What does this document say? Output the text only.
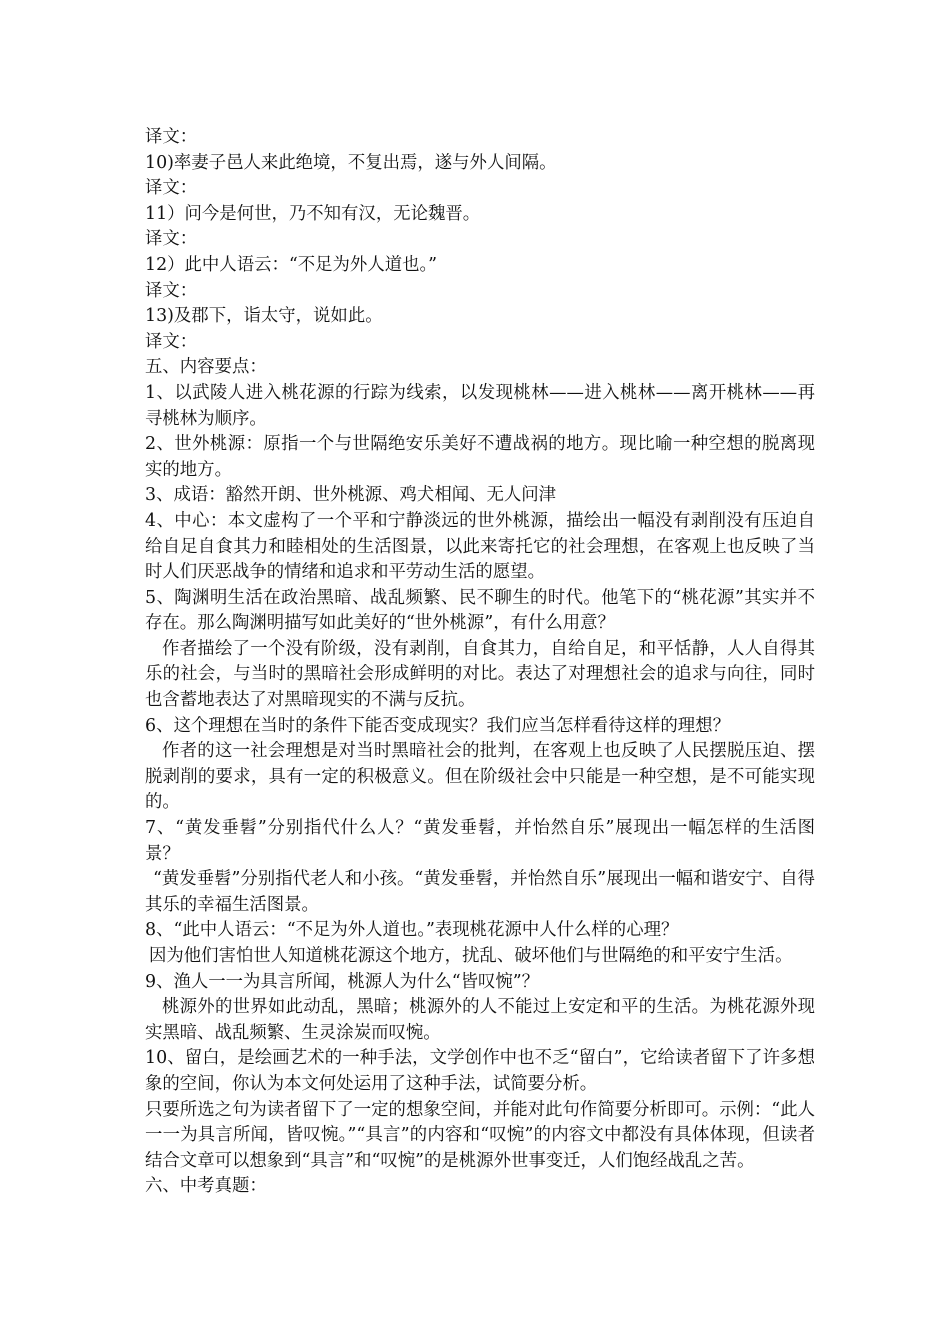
译文：

10)率妻子邑人来此绝境，不复出焉，遂与外人间隔。

译文：

11）问今是何世，乃不知有汉，无论魏晋。

译文：

12）此中人语云：“不足为外人道也。”

译文：

13)及郡下，诣太守，说如此。

译文：

五、内容要点：

1、以武陵人进入桃花源的行踪为线索，以发现桃林——进入桃林——离开桃林——再寻桃林为顺序。

2、世外桃源：原指一个与世隔绝安乐美好不遭战祸的地方。现比喻一种空想的脱离现实的地方。

3、成语：豁然开朗、世外桃源、鸡犬相闻、无人问津

4、中心：本文虚构了一个平和宁静淡远的世外桃源，描绘出一幅没有剥削没有压迫自给自足自食其力和睦相处的生活图景，以此来寄托它的社会理想，在客观上也反映了当时人们厌恶战争的情绪和追求和平劳动生活的愿望。

5、陶渊明生活在政治黑暗、战乱频繁、民不聊生的时代。他笔下的“桃花源”其实并不存在。那么陶渊明描写如此美好的“世外桃源”，有什么用意？

作者描绘了一个没有阶级，没有剥削，自食其力，自给自足，和平恬静，人人自得其乐的社会，与当时的黑暗社会形成鲜明的对比。表达了对理想社会的追求与向往，同时也含蓄地表达了对黑暗现实的不满与反抗。

6、这个理想在当时的条件下能否变成现实？我们应当怎样看待这样的理想？

作者的这一社会理想是对当时黑暗社会的批判，在客观上也反映了人民摆脱压迫、摆脱剥削的要求，具有一定的积极意义。但在阶级社会中只能是一种空想，是不可能实现的。

7、“黄发垂髫”分别指代什么人？“黄发垂髫，并怡然自乐”展现出一幅怎样的生活图景？

“黄发垂髫”分别指代老人和小孩。“黄发垂髫，并怡然自乐”展现出一幅和谐安宁、自得其乐的幸福生活图景。

8、“此中人语云：“不足为外人道也。”表现桃花源中人什么样的心理？

因为他们害怕世人知道桃花源这个地方，扰乱、破坏他们与世隔绝的和平安宁生活。

9、渔人一一为具言所闻，桃源人为什么“皆叹惋”？

桃源外的世界如此动乱，黑暗；桃源外的人不能过上安定和平的生活。为桃花源外现实黑暗、战乱频繁、生灵涂炭而叹惋。

10、留白，是绘画艺术的一种手法，文学创作中也不乏“留白”，它给读者留下了许多想象的空间，你认为本文何处运用了这种手法，试简要分析。

只要所选之句为读者留下了一定的想象空间，并能对此句作简要分析即可。示例：“此人一一为具言所闻，皆叹惋。”“具言”的内容和“叹惋”的内容文中都没有具体体现，但读者结合文章可以想象到“具言”和“叹惋”的是桃源外世事变迁，人们饱经战乱之苦。

六、中考真题：
